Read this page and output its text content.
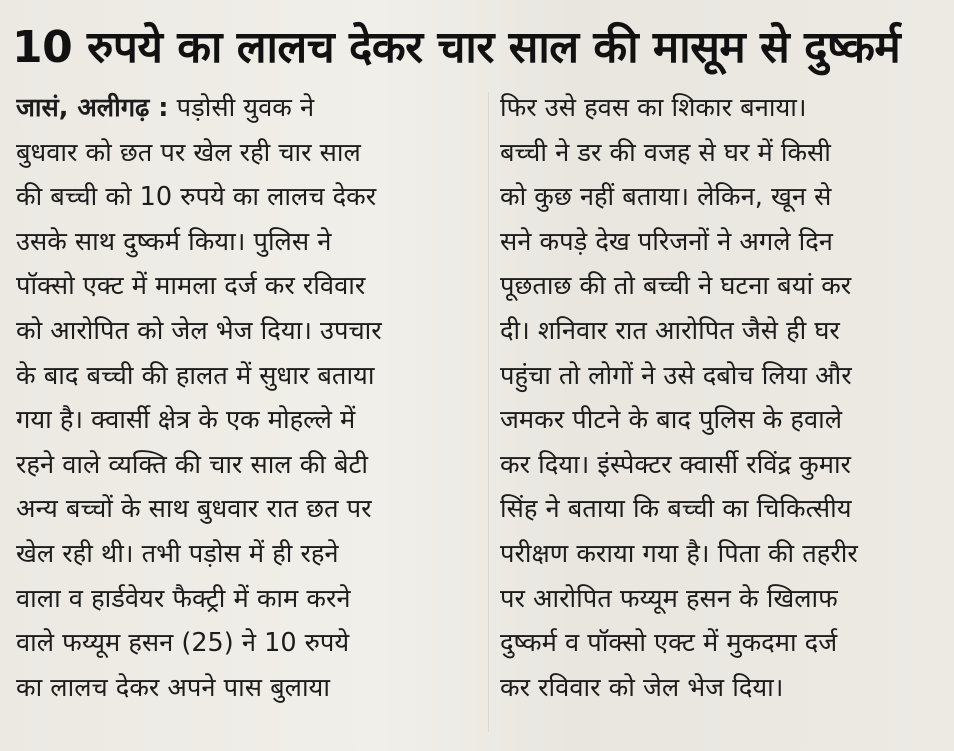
10 रुपये का लालच देकर चार साल की मासूम से दुष्कर्म
जासं, अलीगढ़ : पड़ोसी युवक ने
बुधवार को छत पर खेल रही चार साल
की बच्ची को 10 रुपये का लालच देकर
उसके साथ दुष्कर्म किया। पुलिस ने
पॉक्सो एक्ट में मामला दर्ज कर रविवार
को आरोपित को जेल भेज दिया। उपचार
के बाद बच्ची की हालत में सुधार बताया
गया है। क्वार्सी क्षेत्र के एक मोहल्ले में
रहने वाले व्यक्ति की चार साल की बेटी
अन्य बच्चों के साथ बुधवार रात छत पर
खेल रही थी। तभी पड़ोस में ही रहने
वाला व हार्डवेयर फैक्ट्री में काम करने
वाले फय्यूम हसन (25) ने 10 रुपये
का लालच देकर अपने पास बुलाया
फिर उसे हवस का शिकार बनाया।
बच्ची ने डर की वजह से घर में किसी
को कुछ नहीं बताया। लेकिन, खून से
सने कपड़े देख परिजनों ने अगले दिन
पूछताछ की तो बच्ची ने घटना बयां कर
दी। शनिवार रात आरोपित जैसे ही घर
पहुंचा तो लोगों ने उसे दबोच लिया और
जमकर पीटने के बाद पुलिस के हवाले
कर दिया। इंस्पेक्टर क्वार्सी रविंद्र कुमार
सिंह ने बताया कि बच्ची का चिकित्सीय
परीक्षण कराया गया है। पिता की तहरीर
पर आरोपित फय्यूम हसन के खिलाफ
दुष्कर्म व पॉक्सो एक्ट में मुकदमा दर्ज
कर रविवार को जेल भेज दिया।
